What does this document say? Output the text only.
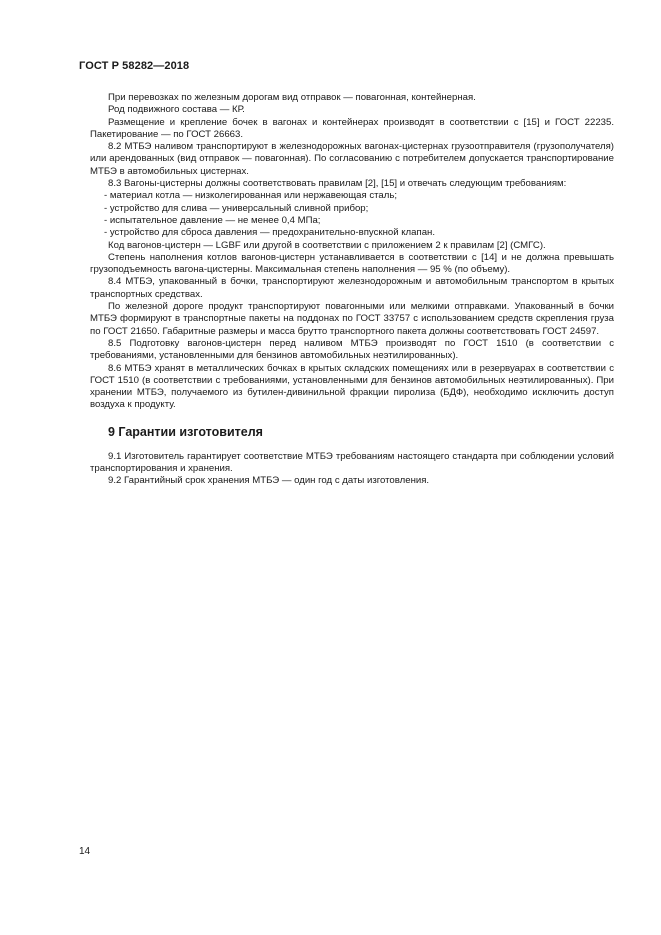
ГОСТ Р 58282—2018

При перевозках по железным дорогам вид отправок — повагонная, контейнерная.

Род подвижного состава — КР.

Размещение и крепление бочек в вагонах и контейнерах производят в соответствии с [15] и ГОСТ 22235. Пакетирование — по ГОСТ 26663.

8.2 МТБЭ наливом транспортируют в железнодорожных вагонах-цистернах грузоотправителя (грузополучателя) или арендованных (вид отправок — повагонная). По согласованию с потребителем допускается транспортирование МТБЭ в автомобильных цистернах.

8.3 Вагоны-цистерны должны соответствовать правилам [2], [15] и отвечать следующим требованиям:

- материал котла — низколегированная или нержавеющая сталь;

- устройство для слива — универсальный сливной прибор;

- испытательное давление — не менее 0,4 МПа;

- устройство для сброса давления — предохранительно-впускной клапан.

Код вагонов-цистерн — LGBF или другой в соответствии с приложением 2 к правилам [2] (СМГС).

Степень наполнения котлов вагонов-цистерн устанавливается в соответствии с [14] и не должна превышать грузоподъемность вагона-цистерны. Максимальная степень наполнения — 95 % (по объему).

8.4 МТБЭ, упакованный в бочки, транспортируют железнодорожным и автомобильным транспортом в крытых транспортных средствах.

По железной дороге продукт транспортируют повагонными или мелкими отправками. Упакованный в бочки МТБЭ формируют в транспортные пакеты на поддонах по ГОСТ 33757 с использованием средств скрепления груза по ГОСТ 21650. Габаритные размеры и масса брутто транспортного пакета должны соответствовать ГОСТ 24597.

8.5 Подготовку вагонов-цистерн перед наливом МТБЭ производят по ГОСТ 1510 (в соответствии с требованиями, установленными для бензинов автомобильных неэтилированных).

8.6 МТБЭ хранят в металлических бочках в крытых складских помещениях или в резервуарах в соответствии с ГОСТ 1510 (в соответствии с требованиями, установленными для бензинов автомобильных неэтилированных). При хранении МТБЭ, получаемого из бутилен-дивинильной фракции пиролиза (БДФ), необходимо исключить доступ воздуха к продукту.

9 Гарантии изготовителя

9.1 Изготовитель гарантирует соответствие МТБЭ требованиям настоящего стандарта при соблюдении условий транспортирования и хранения.

9.2 Гарантийный срок хранения МТБЭ — один год с даты изготовления.

14
